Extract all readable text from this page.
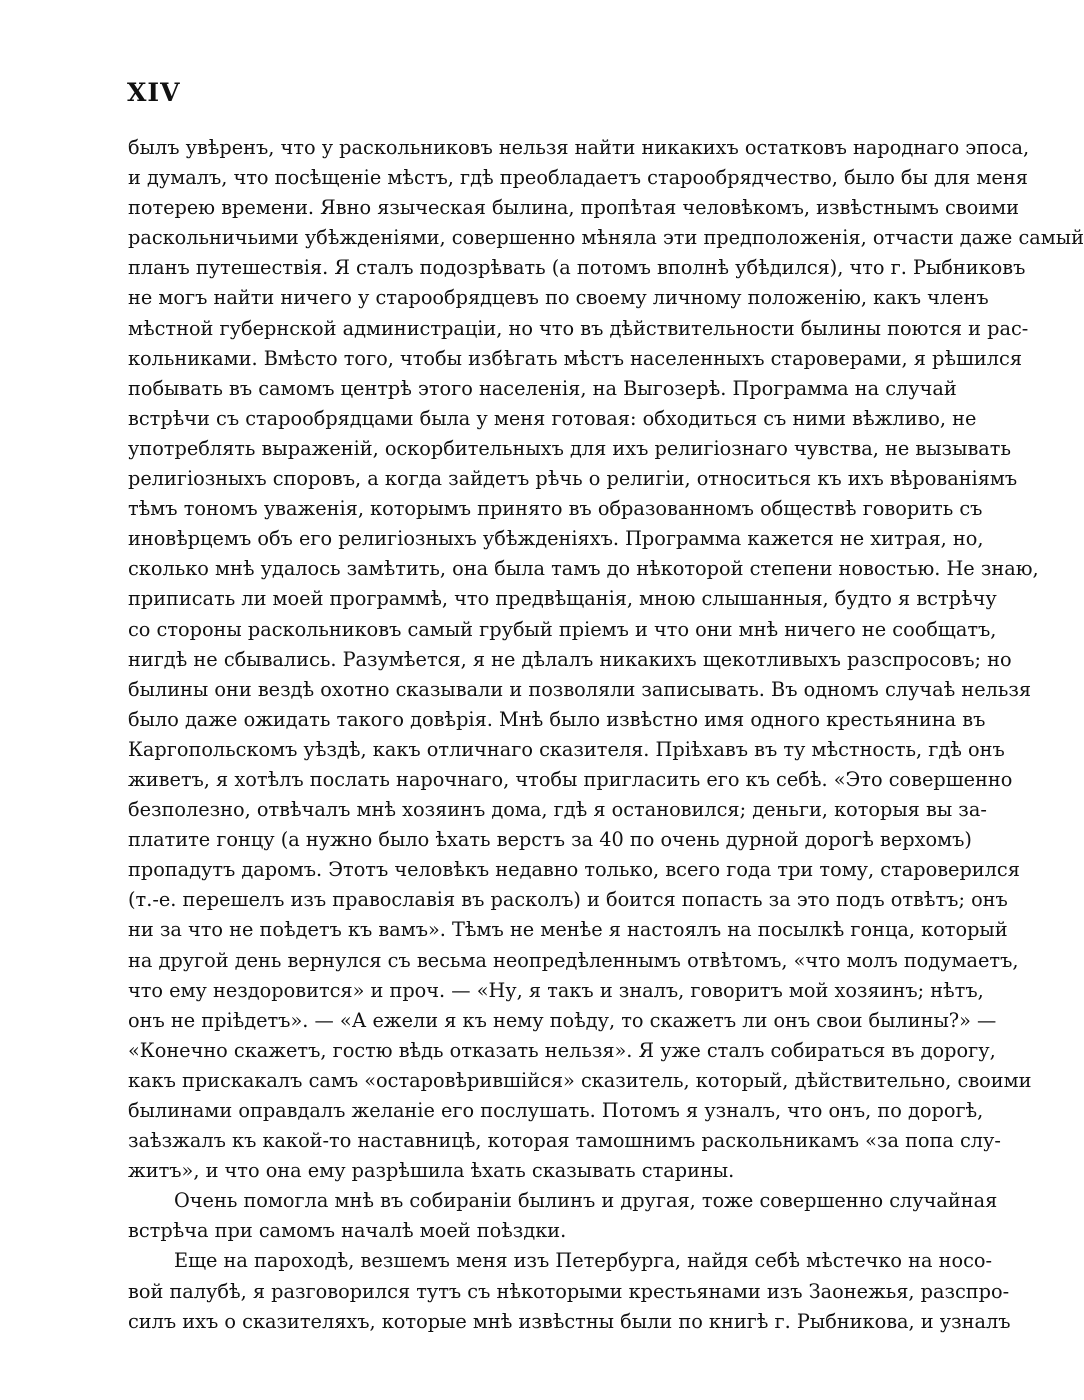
XIV
былъ увѣренъ, что у раскольниковъ нельзя найти никакихъ остатковъ народнаго эпоса,
и думалъ, что посѣщеніе мѣстъ, гдѣ преобладаетъ старообрядчество, было бы для меня
потерею времени. Явно языческая былина, пропѣтая человѣкомъ, извѣстнымъ своими
раскольничьими убѣжденіями, совершенно мѣняла эти предположенія, отчасти даже самый
планъ путешествія. Я сталъ подозрѣвать (а потомъ вполнѣ убѣдился), что г. Рыбниковъ
не могъ найти ничего у старообрядцевъ по своему личному положенію, какъ членъ
мѣстной губернской администраціи, но что въ дѣйствительности былины поются и рас-
кольниками. Вмѣсто того, чтобы избѣгать мѣстъ населенныхъ староверами, я рѣшился
побывать въ самомъ центрѣ этого населенія, на Выгозерѣ. Программа на случай
встрѣчи съ старообрядцами была у меня готовая: обходиться съ ними вѣжливо, не
употреблять выраженій, оскорбительныхъ для ихъ религіознаго чувства, не вызывать
религіозныхъ споровъ, а когда зайдетъ рѣчь о религіи, относиться къ ихъ вѣрованіямъ
тѣмъ тономъ уваженія, которымъ принято въ образованномъ обществѣ говорить съ
иновѣрцемъ объ его религіозныхъ убѣжденіяхъ. Программа кажется не хитрая, но,
сколько мнѣ удалось замѣтить, она была тамъ до нѣкоторой степени новостью. Не знаю,
приписать ли моей программѣ, что предвѣщанія, мною слышанныя, будто я встрѣчу
со стороны раскольниковъ самый грубый пріемъ и что они мнѣ ничего не сообщатъ,
нигдѣ не сбывались. Разумѣется, я не дѣлалъ никакихъ щекотливыхъ разспросовъ; но
былины они вездѣ охотно сказывали и позволяли записывать. Въ одномъ случаѣ нельзя
было даже ожидать такого довѣрія. Мнѣ было извѣстно имя одного крестьянина въ
Каргопольскомъ уѣздѣ, какъ отличнаго сказителя. Пріѣхавъ въ ту мѣстность, гдѣ онъ
живетъ, я хотѣлъ послать нарочнаго, чтобы пригласить его къ себѣ. «Это совершенно
безполезно, отвѣчалъ мнѣ хозяинъ дома, гдѣ я остановился; деньги, которыя вы за-
платите гонцу (а нужно было ѣхать верстъ за 40 по очень дурной дорогѣ верхомъ)
пропадутъ даромъ. Этотъ человѣкъ недавно только, всего года три тому, староверился
(т.-е. перешелъ изъ православія въ расколъ) и боится попасть за это подъ отвѣтъ; онъ
ни за что не поѣдетъ къ вамъ». Тѣмъ не менѣе я настоялъ на посылкѣ гонца, который
на другой день вернулся съ весьма неопредѣленнымъ отвѣтомъ, «что молъ подумаетъ,
что ему нездоровится» и проч. — «Ну, я такъ и зналъ, говоритъ мой хозяинъ; нѣтъ,
онъ не пріѣдетъ». — «А ежели я къ нему поѣду, то скажетъ ли онъ свои былины?» —
«Конечно скажетъ, гостю вѣдь отказать нельзя». Я уже сталъ собираться въ дорогу,
какъ прискакалъ самъ «остаровѣрившійся» сказитель, который, дѣйствительно, своими
былинами оправдалъ желаніе его послушать. Потомъ я узналъ, что онъ, по дорогѣ,
заѣзжалъ къ какой-то наставницѣ, которая тамошнимъ раскольникамъ «за попа слу-
житъ», и что она ему разрѣшила ѣхать сказывать старины.
Очень помогла мнѣ въ собираніи былинъ и другая, тоже совершенно случайная
встрѣча при самомъ началѣ моей поѣздки.
Еще на пароходѣ, везшемъ меня изъ Петербурга, найдя себѣ мѣстечко на носо-
вой палубѣ, я разговорился тутъ съ нѣкоторыми крестьянами изъ Заонежья, разспро-
силъ ихъ о сказителяхъ, которые мнѣ извѣстны были по книгѣ г. Рыбникова, и узналъ
